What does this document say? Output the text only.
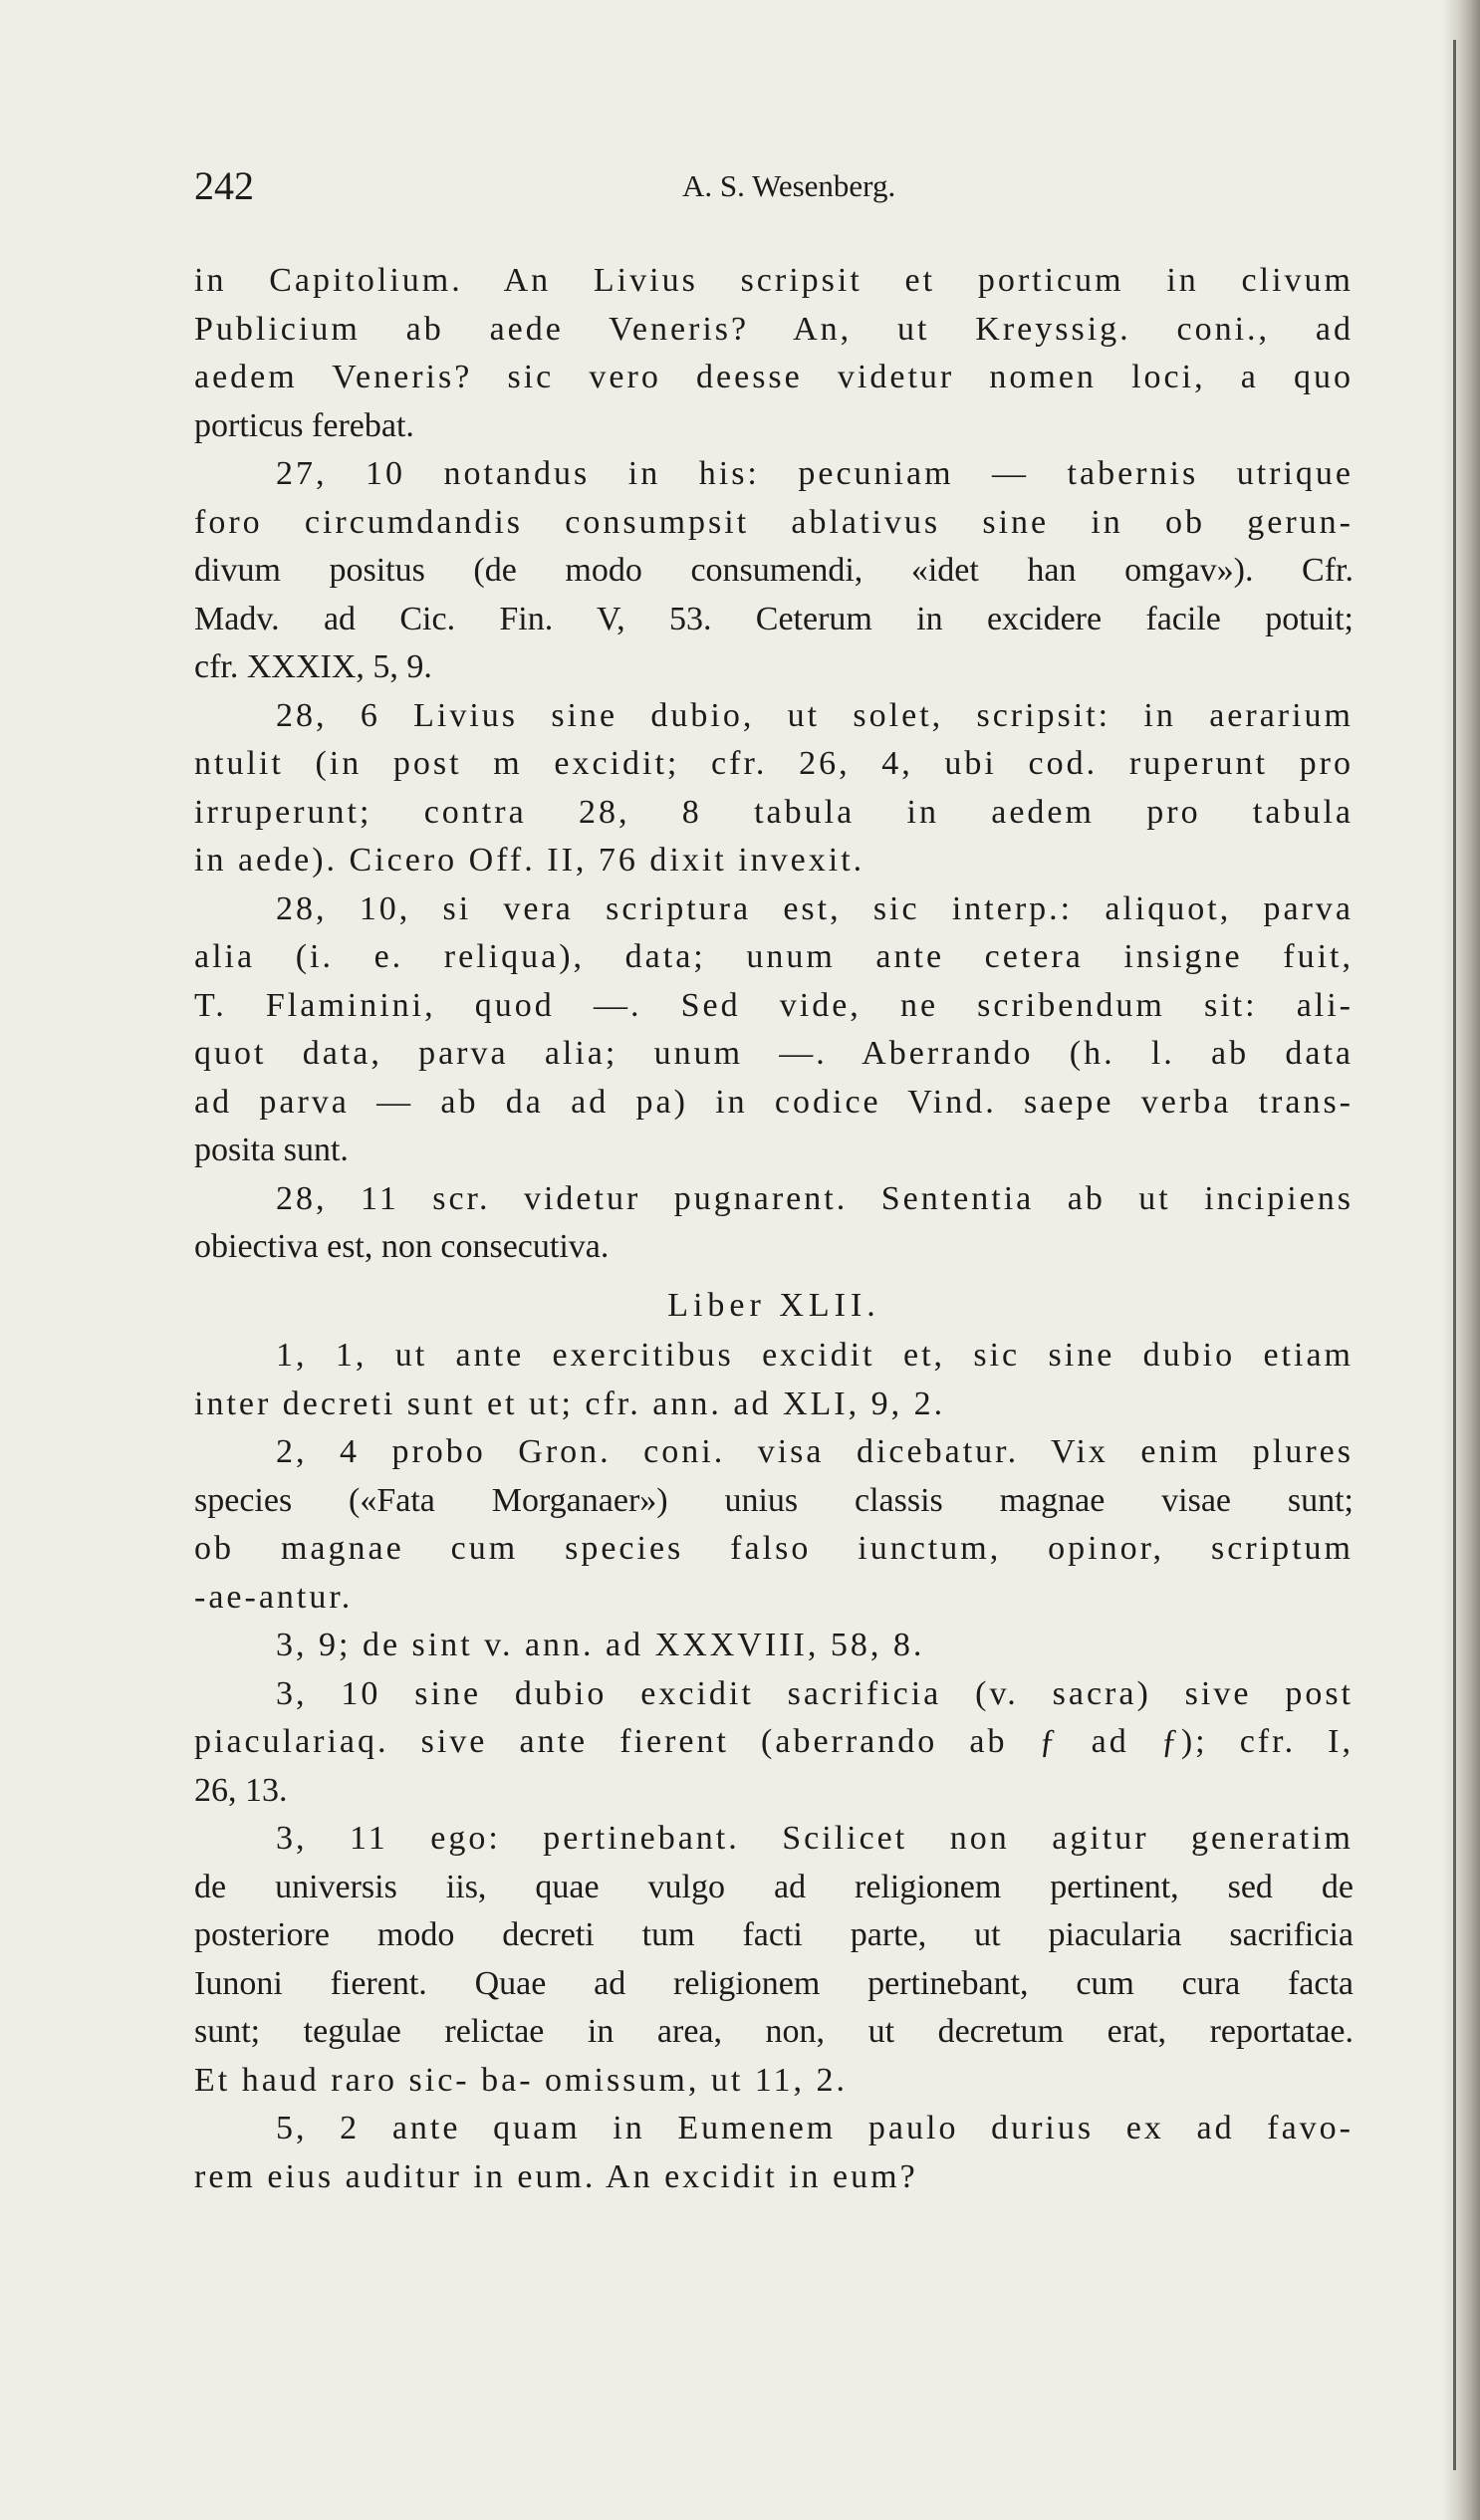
242	A. S. Wesenberg.
in Capitolium. An Livius scripsit et porticum in clivum
Publicium ab aede Veneris? An, ut Kreyssig. coni., ad
aedem Veneris? sic vero deesse videtur nomen loci, a quo
porticus ferebat.
27, 10 notandus in his: pecuniam — tabernis utrique
foro circumdandis consumpsit ablativus sine in ob gerun-
divum positus (de modo consumendi, «idet han omgav»). Cfr.
Madv. ad Cic. Fin. V, 53. Ceterum in excidere facile potuit;
cfr. XXXIX, 5, 9.
28, 6 Livius sine dubio, ut solet, scripsit: in aerarium
ntulit (in post m excidit; cfr. 26, 4, ubi cod. ruperunt pro
irruperunt; contra 28, 8 tabula in aedem pro tabula
in aede). Cicero Off. II, 76 dixit invexit.
28, 10, si vera scriptura est, sic interp.: aliquot, parva
alia (i. e. reliqua), data; unum ante cetera insigne fuit,
T. Flaminini, quod —. Sed vide, ne scribendum sit: ali-
quot data, parva alia; unum —. Aberrando (h. l. ab data
ad parva — ab da ad pa) in codice Vind. saepe verba trans-
posita sunt.
28, 11 scr. videtur pugnarent. Sententia ab ut incipiens
obiectiva est, non consecutiva.
Liber XLII.
1, 1, ut ante exercitibus excidit et, sic sine dubio etiam
inter decreti sunt et ut; cfr. ann. ad XLI, 9, 2.
2, 4 probo Gron. coni. visa dicebatur. Vix enim plures
species («Fata Morganaer») unius classis magnae visae sunt;
ob magnae cum species falso iunctum, opinor, scriptum
-ae-antur.
3, 9; de sint v. ann. ad XXXVIII, 58, 8.
3, 10 sine dubio excidit sacrificia (v. sacra) sive post
piaculariaq. sive ante fierent (aberrando ab ƒ ad ƒ); cfr. I,
26, 13.
3, 11 ego: pertinebant. Scilicet non agitur generatim
de universis iis, quae vulgo ad religionem pertinent, sed de
posteriore modo decreti tum facti parte, ut piacularia sacrificia
Iunoni fierent. Quae ad religionem pertinebant, cum cura facta
sunt; tegulae relictae in area, non, ut decretum erat, reportatae.
Et haud raro sic- ba- omissum, ut 11, 2.
5, 2 ante quam in Eumenem paulo durius ex ad favo-
rem eius auditur in eum. An excidit in eum?
